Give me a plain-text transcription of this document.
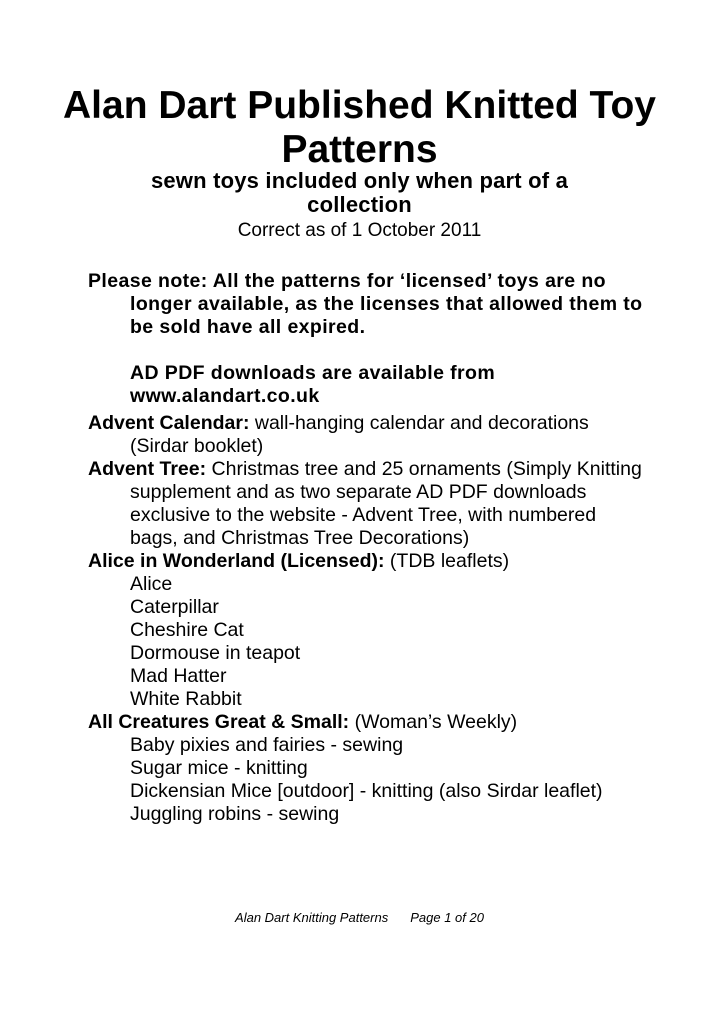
Alan Dart Published Knitted Toy Patterns
sewn toys included only when part of a collection
Correct as of 1 October 2011
Please note: All the patterns for ‘licensed’ toys are no longer available, as the licenses that allowed them to be sold have all expired.
AD PDF downloads are available from www.alandart.co.uk
Advent Calendar: wall-hanging calendar and decorations (Sirdar booklet)
Advent Tree: Christmas tree and 25 ornaments (Simply Knitting supplement and as two separate AD PDF downloads exclusive to the website - Advent Tree, with numbered bags, and Christmas Tree Decorations)
Alice in Wonderland (Licensed): (TDB leaflets)
Alice
Caterpillar
Cheshire Cat
Dormouse in teapot
Mad Hatter
White Rabbit
All Creatures Great & Small: (Woman’s Weekly)
Baby pixies and fairies - sewing
Sugar mice - knitting
Dickensian Mice [outdoor] - knitting (also Sirdar leaflet)
Juggling robins - sewing
Alan Dart Knitting Patterns Page 1 of 20
